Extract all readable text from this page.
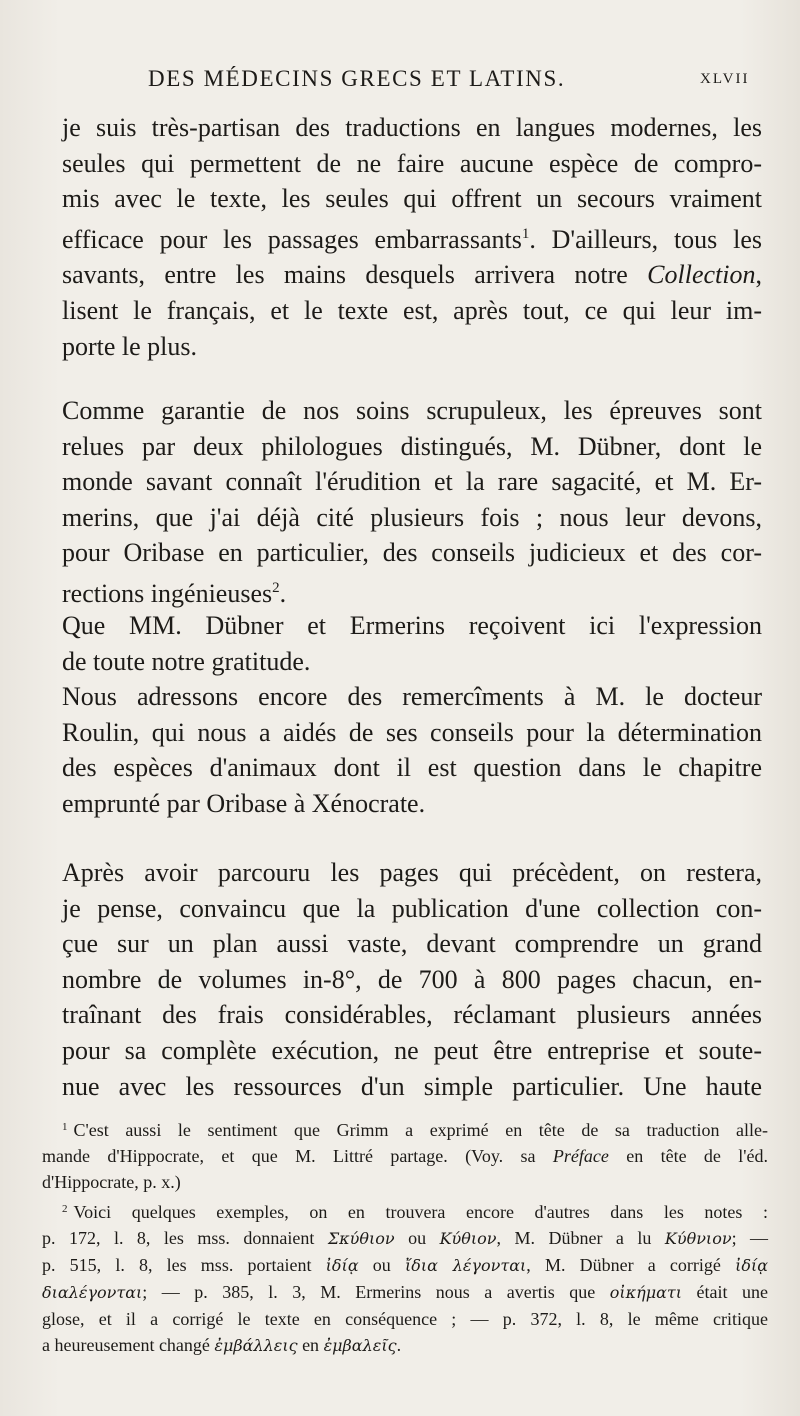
DES MÉDECINS GRECS ET LATINS.	XLVII
je suis très-partisan des traductions en langues modernes, les
seules qui permettent de ne faire aucune espèce de compro-
mis avec le texte, les seules qui offrent un secours vraiment
efficace pour les passages embarrassants$^1$. D'ailleurs, tous les
savants, entre les mains desquels arrivera notre Collection,
lisent le français, et le texte est, après tout, ce qui leur im-
porte le plus.
Comme garantie de nos soins scrupuleux, les épreuves sont
relues par deux philologues distingués, M. Dübner, dont le
monde savant connaît l'érudition et la rare sagacité, et M. Er-
merins, que j'ai déjà cité plusieurs fois ; nous leur devons,
pour Oribase en particulier, des conseils judicieux et des cor-
rections ingénieuses$^2$.
Que MM. Dübner et Ermerins reçoivent ici l'expression
de toute notre gratitude.
Nous adressons encore des remercîments à M. le docteur
Roulin, qui nous a aidés de ses conseils pour la détermination
des espèces d'animaux dont il est question dans le chapitre
emprunté par Oribase à Xénocrate.
Après avoir parcouru les pages qui précèdent, on restera,
je pense, convaincu que la publication d'une collection con-
çue sur un plan aussi vaste, devant comprendre un grand
nombre de volumes in-8°, de 700 à 800 pages chacun, en-
traînant des frais considérables, réclamant plusieurs années
pour sa complète exécution, ne peut être entreprise et soute-
nue avec les ressources d'un simple particulier. Une haute
$^1$ C'est aussi le sentiment que Grimm a exprimé en tête de sa traduction alle-
mande d'Hippocrate, et que M. Littré partage. (Voy. sa Préface en tête de l'éd.
d'Hippocrate, p. x.)
$^2$ Voici quelques exemples, on en trouvera encore d'autres dans les notes :
p. 172, l. 8, les mss. donnaient Σκύθιον ou Κύθιον, M. Dübner a lu Κύθνιον; —
p. 515, l. 8, les mss. portaient ἰδίᾳ ou ἴδια λέγονται, M. Dübner a corrigé ἰδίᾳ
διαλέγονται; — p. 385, l. 3, M. Ermerins nous a avertis que οἰκήματι était une
glose, et il a corrigé le texte en conséquence ; — p. 372, l. 8, le même critique
a heureusement changé ἐμβάλλεις en ἐμβαλεῖς.
